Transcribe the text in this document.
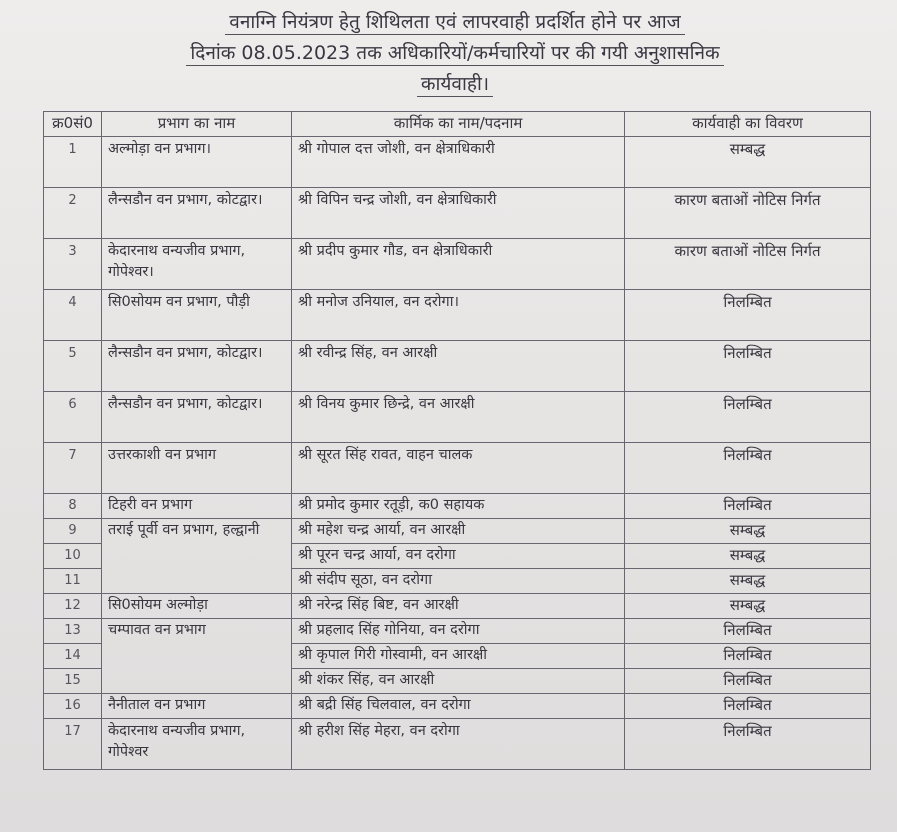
वनाग्नि नियंत्रण हेतु शिथिलता एवं लापरवाही प्रदर्शित होने पर आज
दिनांक 08.05.2023 तक अधिकारियों/कर्मचारियों पर की गयी अनुशासनिक
कार्यवाही।
क्र0सं0	प्रभाग का नाम	कार्मिक का नाम/पदनाम	कार्यवाही का विवरण
1	अल्मोड़ा वन प्रभाग।	श्री गोपाल दत्त जोशी, वन क्षेत्राधिकारी	सम्बद्ध
2	लैन्सडौन वन प्रभाग, कोटद्वार।	श्री विपिन चन्द्र जोशी, वन क्षेत्राधिकारी	कारण बताओं नोटिस निर्गत
3	केदारनाथ वन्यजीव प्रभाग, गोपेश्वर।	श्री प्रदीप कुमार गौड, वन क्षेत्राधिकारी	कारण बताओं नोटिस निर्गत
4	सि0सोयम वन प्रभाग, पौड़ी	श्री मनोज उनियाल, वन दरोगा।	निलम्बित
5	लैन्सडौन वन प्रभाग, कोटद्वार।	श्री रवीन्द्र सिंह, वन आरक्षी	निलम्बित
6	लैन्सडौन वन प्रभाग, कोटद्वार।	श्री विनय कुमार छिन्द्रे, वन आरक्षी	निलम्बित
7	उत्तरकाशी वन प्रभाग	श्री सूरत सिंह रावत, वाहन चालक	निलम्बित
8	टिहरी वन प्रभाग	श्री प्रमोद कुमार रतूड़ी, क0 सहायक	निलम्बित
9	तराई पूर्वी वन प्रभाग, हल्द्वानी	श्री महेश चन्द्र आर्या, वन आरक्षी	सम्बद्ध
10		श्री पूरन चन्द्र आर्या, वन दरोगा	सम्बद्ध
11		श्री संदीप सूठा, वन दरोगा	सम्बद्ध
12	सि0सोयम अल्मोड़ा	श्री नरेन्द्र सिंह बिष्ट, वन आरक्षी	सम्बद्ध
13	चम्पावत वन प्रभाग	श्री प्रहलाद सिंह गोनिया, वन दरोगा	निलम्बित
14		श्री कृपाल गिरी गोस्वामी, वन आरक्षी	निलम्बित
15		श्री शंकर सिंह, वन आरक्षी	निलम्बित
16	नैनीताल वन प्रभाग	श्री बद्री सिंह चिलवाल, वन दरोगा	निलम्बित
17	केदारनाथ वन्यजीव प्रभाग, गोपेश्वर	श्री हरीश सिंह मेहरा, वन दरोगा	निलम्बित
